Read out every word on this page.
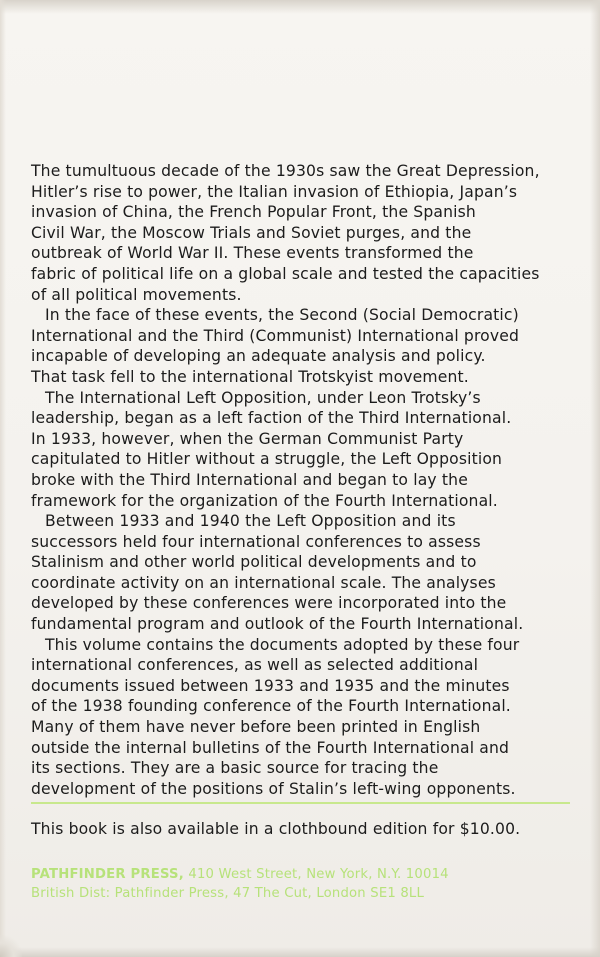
The tumultuous decade of the 1930s saw the Great Depression,
Hitler’s rise to power, the Italian invasion of Ethiopia, Japan’s
invasion of China, the French Popular Front, the Spanish
Civil War, the Moscow Trials and Soviet purges, and the
outbreak of World War II. These events transformed the
fabric of political life on a global scale and tested the capacities
of all political movements.
In the face of these events, the Second (Social Democratic)
International and the Third (Communist) International proved
incapable of developing an adequate analysis and policy.
That task fell to the international Trotskyist movement.
The International Left Opposition, under Leon Trotsky’s
leadership, began as a left faction of the Third International.
In 1933, however, when the German Communist Party
capitulated to Hitler without a struggle, the Left Opposition
broke with the Third International and began to lay the
framework for the organization of the Fourth International.
Between 1933 and 1940 the Left Opposition and its
successors held four international conferences to assess
Stalinism and other world political developments and to
coordinate activity on an international scale. The analyses
developed by these conferences were incorporated into the
fundamental program and outlook of the Fourth International.
This volume contains the documents adopted by these four
international conferences, as well as selected additional
documents issued between 1933 and 1935 and the minutes
of the 1938 founding conference of the Fourth International.
Many of them have never before been printed in English
outside the internal bulletins of the Fourth International and
its sections. They are a basic source for tracing the
development of the positions of Stalin’s left-wing opponents.
This book is also available in a clothbound edition for $10.00.
PATHFINDER PRESS, 410 West Street, New York, N.Y. 10014
British Dist: Pathfinder Press, 47 The Cut, London SE1 8LL
